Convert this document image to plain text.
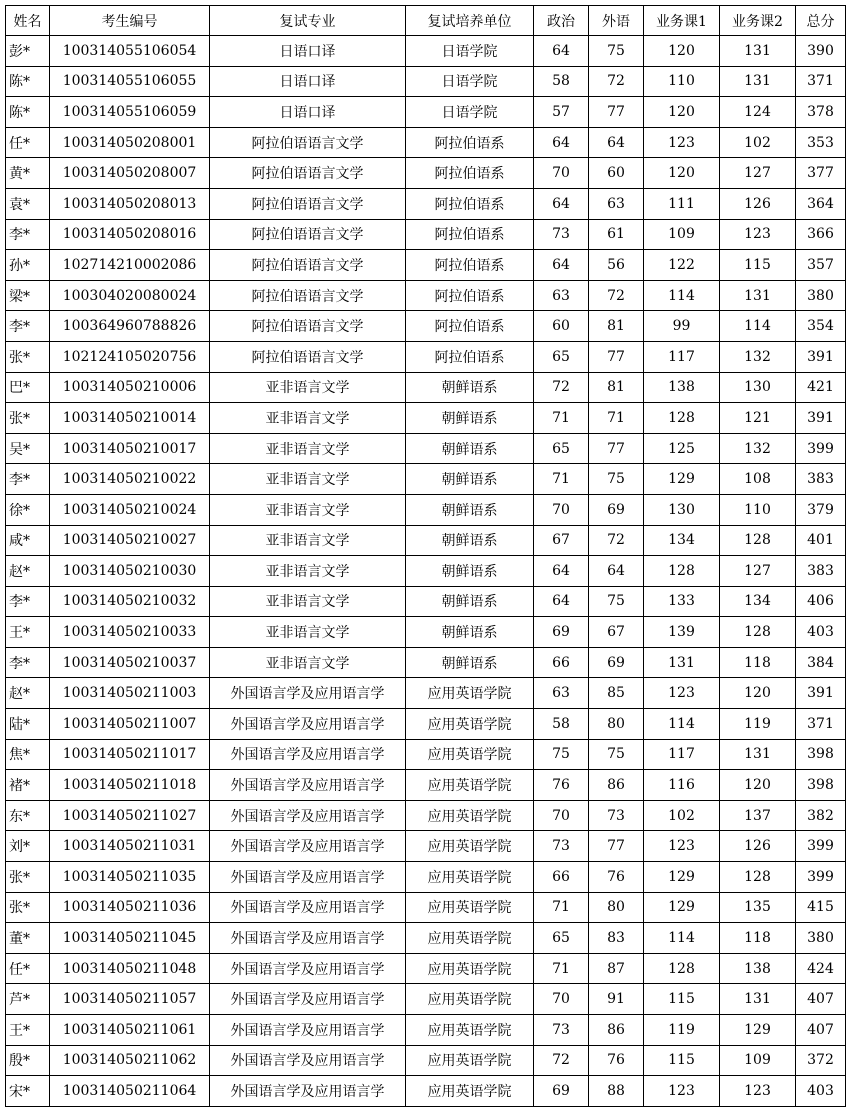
姓名	考生编号	复试专业	复试培养单位	政治	外语	业务课1	业务课2	总分
彭*	100314055106054	日语口译	日语学院	64	75	120	131	390
陈*	100314055106055	日语口译	日语学院	58	72	110	131	371
陈*	100314055106059	日语口译	日语学院	57	77	120	124	378
任*	100314050208001	阿拉伯语语言文学	阿拉伯语系	64	64	123	102	353
黄*	100314050208007	阿拉伯语语言文学	阿拉伯语系	70	60	120	127	377
袁*	100314050208013	阿拉伯语语言文学	阿拉伯语系	64	63	111	126	364
李*	100314050208016	阿拉伯语语言文学	阿拉伯语系	73	61	109	123	366
孙*	102714210002086	阿拉伯语语言文学	阿拉伯语系	64	56	122	115	357
梁*	100304020080024	阿拉伯语语言文学	阿拉伯语系	63	72	114	131	380
李*	100364960788826	阿拉伯语语言文学	阿拉伯语系	60	81	99	114	354
张*	102124105020756	阿拉伯语语言文学	阿拉伯语系	65	77	117	132	391
巴*	100314050210006	亚非语言文学	朝鲜语系	72	81	138	130	421
张*	100314050210014	亚非语言文学	朝鲜语系	71	71	128	121	391
吴*	100314050210017	亚非语言文学	朝鲜语系	65	77	125	132	399
李*	100314050210022	亚非语言文学	朝鲜语系	71	75	129	108	383
徐*	100314050210024	亚非语言文学	朝鲜语系	70	69	130	110	379
咸*	100314050210027	亚非语言文学	朝鲜语系	67	72	134	128	401
赵*	100314050210030	亚非语言文学	朝鲜语系	64	64	128	127	383
李*	100314050210032	亚非语言文学	朝鲜语系	64	75	133	134	406
王*	100314050210033	亚非语言文学	朝鲜语系	69	67	139	128	403
李*	100314050210037	亚非语言文学	朝鲜语系	66	69	131	118	384
赵*	100314050211003	外国语言学及应用语言学	应用英语学院	63	85	123	120	391
陆*	100314050211007	外国语言学及应用语言学	应用英语学院	58	80	114	119	371
焦*	100314050211017	外国语言学及应用语言学	应用英语学院	75	75	117	131	398
褚*	100314050211018	外国语言学及应用语言学	应用英语学院	76	86	116	120	398
东*	100314050211027	外国语言学及应用语言学	应用英语学院	70	73	102	137	382
刘*	100314050211031	外国语言学及应用语言学	应用英语学院	73	77	123	126	399
张*	100314050211035	外国语言学及应用语言学	应用英语学院	66	76	129	128	399
张*	100314050211036	外国语言学及应用语言学	应用英语学院	71	80	129	135	415
董*	100314050211045	外国语言学及应用语言学	应用英语学院	65	83	114	118	380
任*	100314050211048	外国语言学及应用语言学	应用英语学院	71	87	128	138	424
芦*	100314050211057	外国语言学及应用语言学	应用英语学院	70	91	115	131	407
王*	100314050211061	外国语言学及应用语言学	应用英语学院	73	86	119	129	407
殷*	100314050211062	外国语言学及应用语言学	应用英语学院	72	76	115	109	372
宋*	100314050211064	外国语言学及应用语言学	应用英语学院	69	88	123	123	403
